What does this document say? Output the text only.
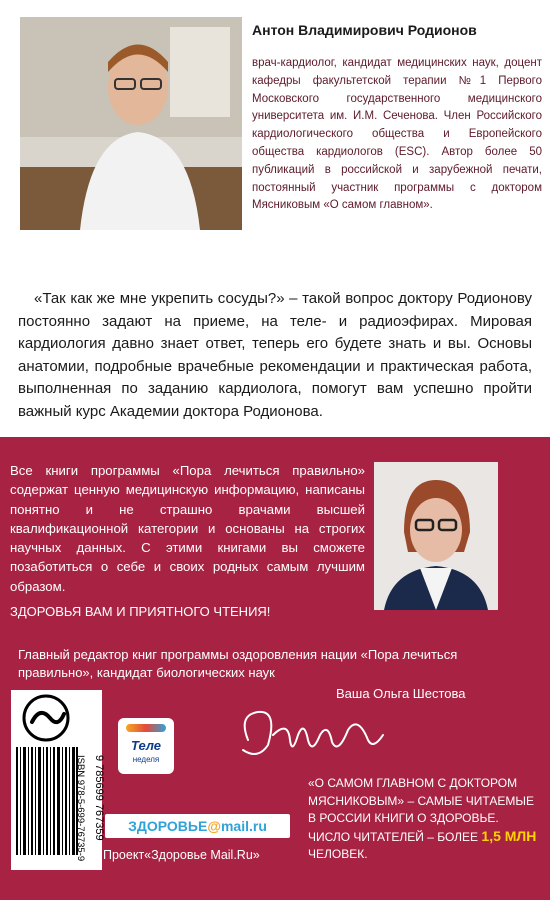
Антон Владимирович Родионов

врач-кардиолог, кандидат медицинских наук, доцент кафедры факультетской терапии №1 Первого Московского государственного медицинского университета им. И.М. Сеченова. Член Российского кардиологического общества и Европейского общества кардиологов (ESC). Автор более 50 публикаций в российской и зарубежной печати, постоянный участник программы с доктором Мясниковым «О самом главном».

«Так как же мне укрепить сосуды?» – такой вопрос доктору Родионову постоянно задают на приеме, на теле- и радиоэфирах. Мировая кардиология давно знает ответ, теперь его будете знать и вы. Основы анатомии, подробные врачебные рекомендации и практическая работа, выполненная по заданию кардиолога, помогут вам успешно пройти важный курс Академии доктора Родионова.

Все книги программы «Пора лечиться правильно» содержат ценную медицинскую информацию, написаны понятно и не страшно врачами высшей квалификационной категории и основаны на строгих научных данных. С этими книгами вы сможете позаботиться о себе и своих родных самым лучшим образом.

ЗДОРОВЬЯ ВАМ И ПРИЯТНОГО ЧТЕНИЯ!

Главный редактор книг программы оздоровления нации «Пора лечиться правильно», кандидат биологических наук

Ваша Ольга Шестова
ISBN 978-5-699-76735-9 9 785699 767359
Теле
неделя
ЗДОРОВЬЕ@mail.ru
Проект«Здоровье Mail.Ru»
«О САМОМ ГЛАВНОМ С ДОКТОРОМ МЯСНИКОВЫМ» – САМЫЕ ЧИТАЕМЫЕ В РОССИИ КНИГИ О ЗДОРОВЬЕ. ЧИСЛО ЧИТАТЕЛЕЙ – БОЛЕЕ 1,5 МЛН ЧЕЛОВЕК.
